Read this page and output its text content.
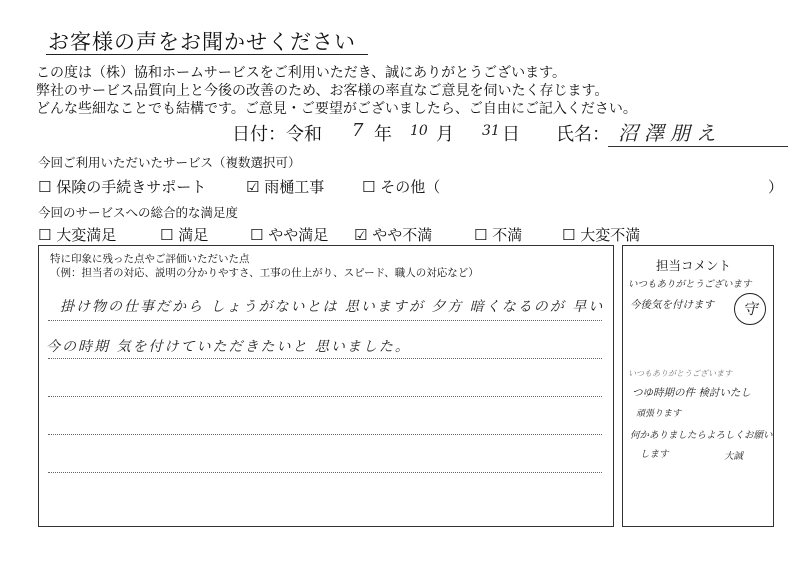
お客様の声をお聞かせください
この度は（株）協和ホームサービスをご利用いただき、誠にありがとうございます。
弊社のサービス品質向上と今後の改善のため、お客様の率直なご意見を伺いたく存じます。
どんな些細なことでも結構です。ご意見・ご要望がございましたら、ご自由にご記入ください。
日付：令和 7 年 10 月 31 日 氏名： 沼澤朋え
今回ご利用いただいたサービス（複数選択可）
☐ 保険の手続きサポート	☑ 雨樋工事	☐ その他（	）
今回のサービスへの総合的な満足度
☐ 大変満足	☐ 満足	☐ やや満足 ☑ やや不満	☐ 不満	☐ 大変不満
特に印象に残った点やご評価いただいた点
（例：担当者の対応、説明の分かりやすさ、工事の仕上がり、スピード、職人の対応など）
掛け物の仕事だから しょうがないとは 思いますが 夕方 暗くなるのが 早い
今の時期 気を付けていただきたいと 思いました。
担当コメント
いつもありがとうございます
今後気を付けます	守
いつもありがとうございます
つゆ時期の件 検討いたし
頑張ります
何かありましたらよろしくお願い
します	大誠
